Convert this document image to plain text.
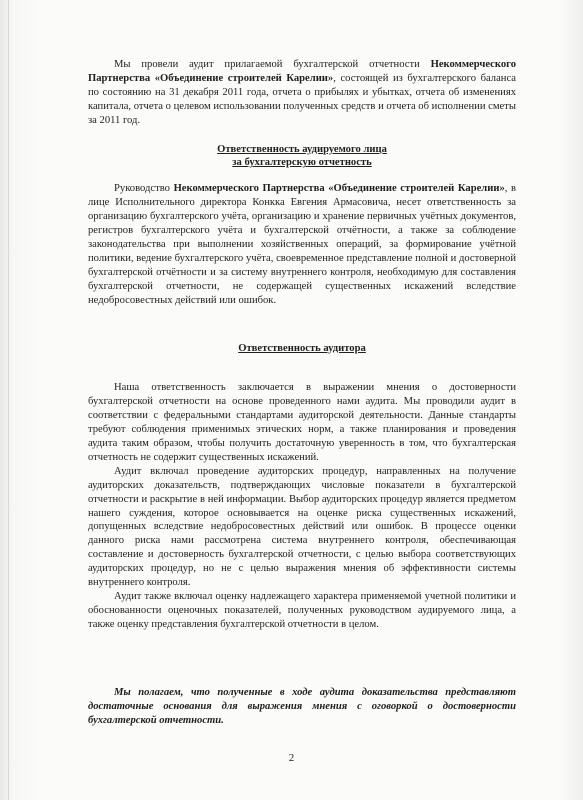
Мы провели аудит прилагаемой бухгалтерской отчетности Некоммерческого Партнерства «Объединение строителей Карелии», состоящей из бухгалтерского баланса по состоянию на 31 декабря 2011 года, отчета о прибылях и убытках, отчета об изменениях капитала, отчета о целевом использовании полученных средств и отчета об исполнении сметы за 2011 год.

Ответственность аудируемого лица
за бухгалтерскую отчетность

Руководство Некоммерческого Партнерства «Объединение строителей Карелии», в лице Исполнительного директора Конкка Евгения Армасовича, несет ответственность за организацию бухгалтерского учёта, организацию и хранение первичных учётных документов, регистров бухгалтерского учёта и бухгалтерской отчётности, а также за соблюдение законодательства при выполнении хозяйственных операций, за формирование учётной политики, ведение бухгалтерского учёта, своевременное представление полной и достоверной бухгалтерской отчётности и за систему внутреннего контроля, необходимую для составления бухгалтерской отчетности, не содержащей существенных искажений вследствие недобросовестных действий или ошибок.

Ответственность аудитора

Наша ответственность заключается в выражении мнения о достоверности бухгалтерской отчетности на основе проведенного нами аудита. Мы проводили аудит в соответствии с федеральными стандартами аудиторской деятельности. Данные стандарты требуют соблюдения применимых этических норм, а также планирования и проведения аудита таким образом, чтобы получить достаточную уверенность в том, что бухгалтерская отчетность не содержит существенных искажений.

Аудит включал проведение аудиторских процедур, направленных на получение аудиторских доказательств, подтверждающих числовые показатели в бухгалтерской отчетности и раскрытие в ней информации. Выбор аудиторских процедур является предметом нашего суждения, которое основывается на оценке риска существенных искажений, допущенных вследствие недобросовестных действий или ошибок. В процессе оценки данного риска нами рассмотрена система внутреннего контроля, обеспечивающая составление и достоверность бухгалтерской отчетности, с целью выбора соответствующих аудиторских процедур, но не с целью выражения мнения об эффективности системы внутреннего контроля.

Аудит также включал оценку надлежащего характера применяемой учетной политики и обоснованности оценочных показателей, полученных руководством аудируемого лица, а также оценку представления бухгалтерской отчетности в целом.

Мы полагаем, что полученные в ходе аудита доказательства представляют достаточные основания для выражения мнения с оговоркой о достоверности бухгалтерской отчетности.

2
